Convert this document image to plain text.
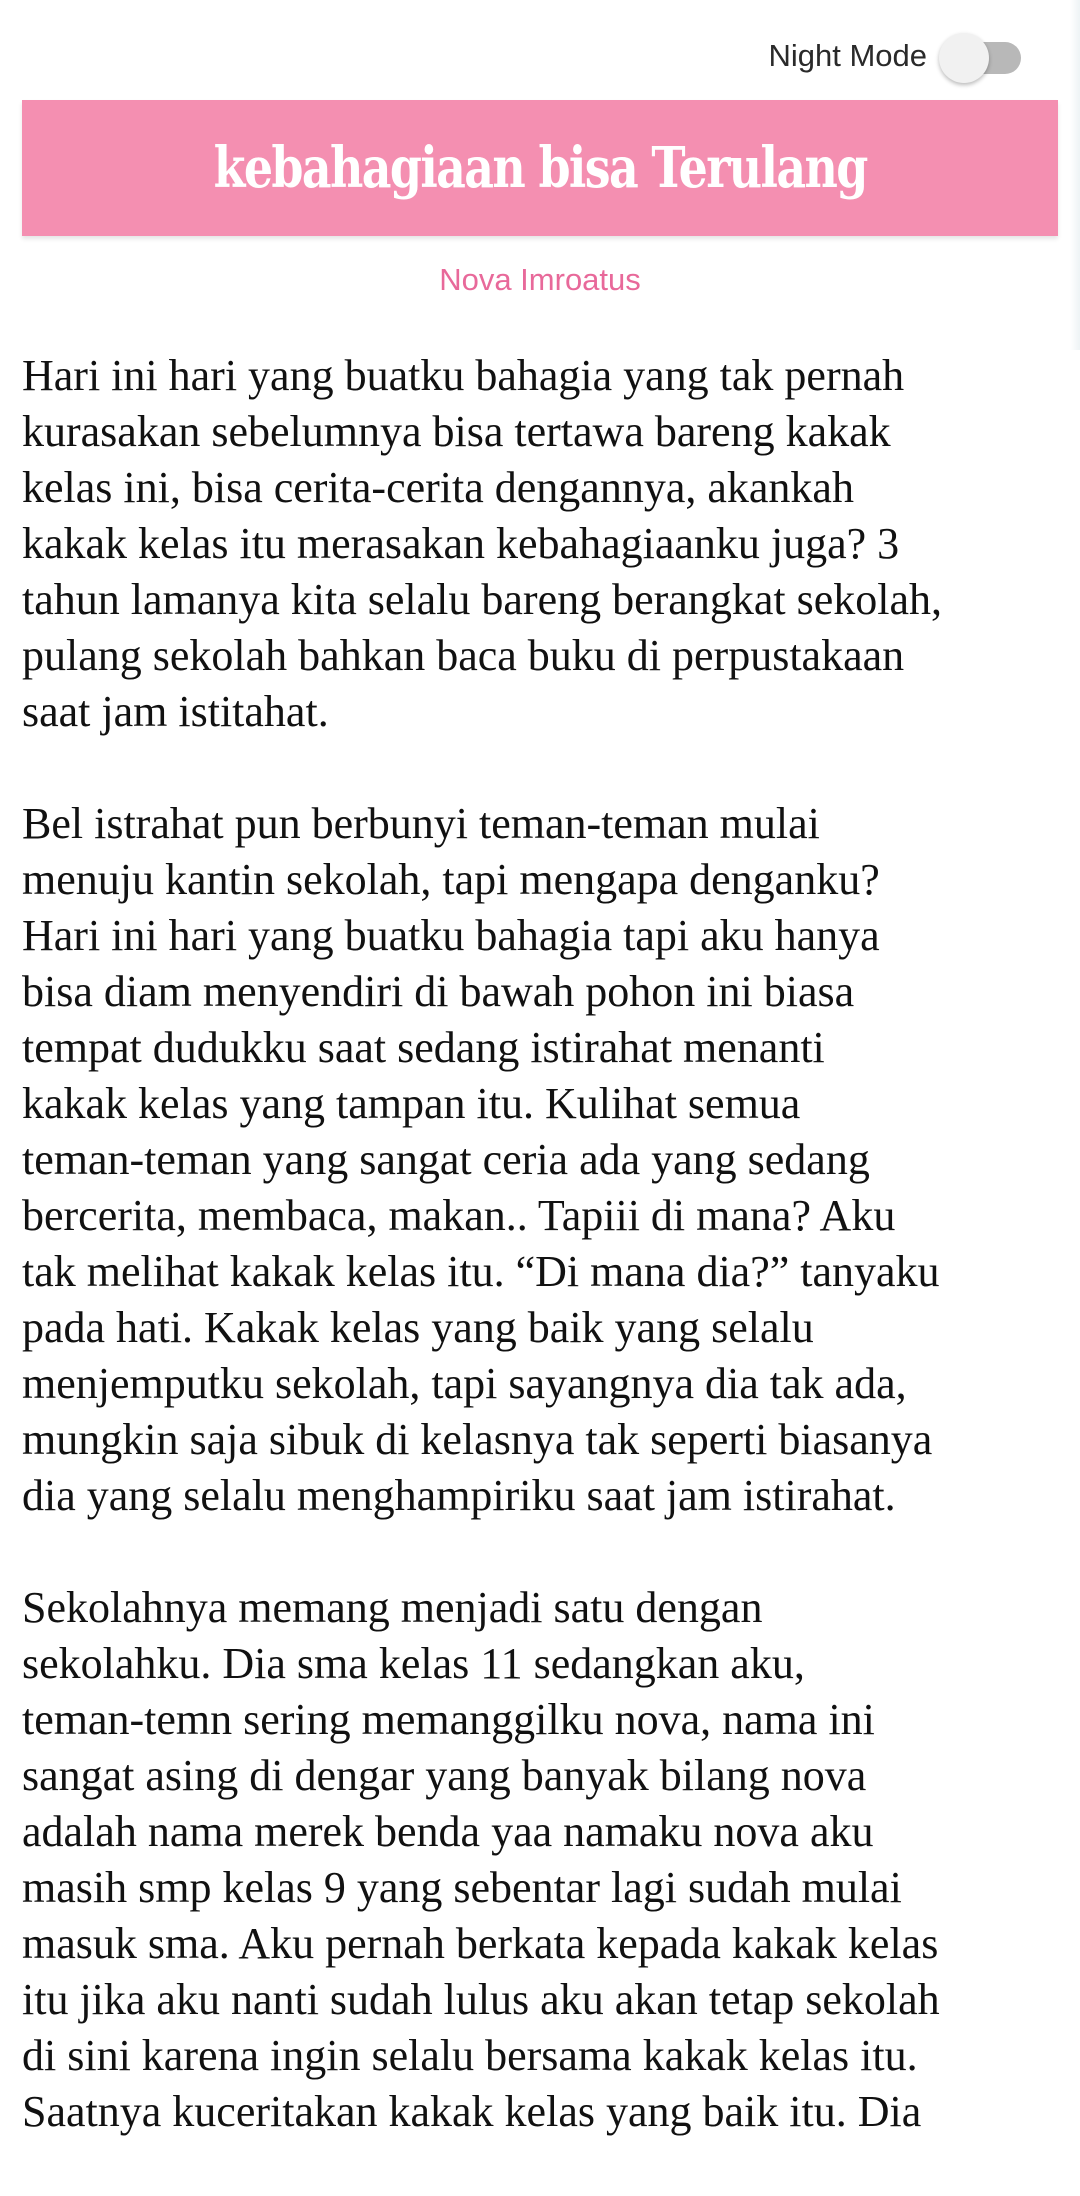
Night Mode
kebahagiaan bisa Terulang
Nova Imroatus

Hari ini hari yang buatku bahagia yang tak pernah
kurasakan sebelumnya bisa tertawa bareng kakak
kelas ini, bisa cerita-cerita dengannya, akankah
kakak kelas itu merasakan kebahagiaanku juga? 3
tahun lamanya kita selalu bareng berangkat sekolah,
pulang sekolah bahkan baca buku di perpustakaan
saat jam istitahat.

Bel istrahat pun berbunyi teman-teman mulai
menuju kantin sekolah, tapi mengapa denganku?
Hari ini hari yang buatku bahagia tapi aku hanya
bisa diam menyendiri di bawah pohon ini biasa
tempat dudukku saat sedang istirahat menanti
kakak kelas yang tampan itu. Kulihat semua
teman-teman yang sangat ceria ada yang sedang
bercerita, membaca, makan.. Tapiii di mana? Aku
tak melihat kakak kelas itu. “Di mana dia?” tanyaku
pada hati. Kakak kelas yang baik yang selalu
menjemputku sekolah, tapi sayangnya dia tak ada,
mungkin saja sibuk di kelasnya tak seperti biasanya
dia yang selalu menghampiriku saat jam istirahat.

Sekolahnya memang menjadi satu dengan
sekolahku. Dia sma kelas 11 sedangkan aku,
teman-temn sering memanggilku nova, nama ini
sangat asing di dengar yang banyak bilang nova
adalah nama merek benda yaa namaku nova aku
masih smp kelas 9 yang sebentar lagi sudah mulai
masuk sma. Aku pernah berkata kepada kakak kelas
itu jika aku nanti sudah lulus aku akan tetap sekolah
di sini karena ingin selalu bersama kakak kelas itu.
Saatnya kuceritakan kakak kelas yang baik itu. Dia
